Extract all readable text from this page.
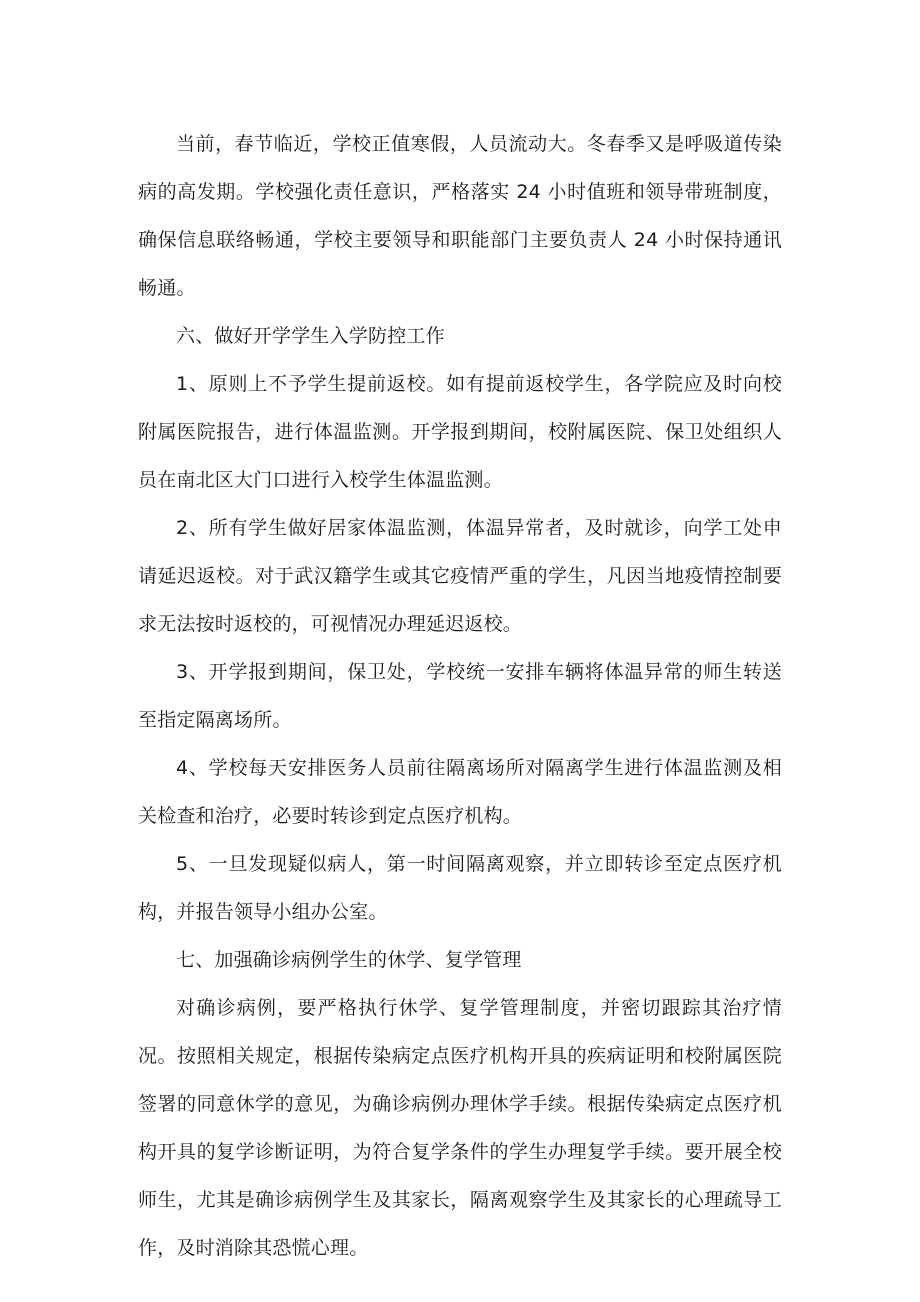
当前，春节临近，学校正值寒假，人员流动大。冬春季又是呼吸道传染病的高发期。学校强化责任意识，严格落实 24 小时值班和领导带班制度，确保信息联络畅通，学校主要领导和职能部门主要负责人 24 小时保持通讯畅通。

六、做好开学学生入学防控工作

1、原则上不予学生提前返校。如有提前返校学生，各学院应及时向校附属医院报告，进行体温监测。开学报到期间，校附属医院、保卫处组织人员在南北区大门口进行入校学生体温监测。

2、所有学生做好居家体温监测，体温异常者，及时就诊，向学工处申请延迟返校。对于武汉籍学生或其它疫情严重的学生，凡因当地疫情控制要求无法按时返校的，可视情况办理延迟返校。

3、开学报到期间，保卫处，学校统一安排车辆将体温异常的师生转送至指定隔离场所。

4、学校每天安排医务人员前往隔离场所对隔离学生进行体温监测及相关检查和治疗，必要时转诊到定点医疗机构。

5、一旦发现疑似病人，第一时间隔离观察，并立即转诊至定点医疗机构，并报告领导小组办公室。

七、加强确诊病例学生的休学、复学管理

对确诊病例，要严格执行休学、复学管理制度，并密切跟踪其治疗情况。按照相关规定，根据传染病定点医疗机构开具的疾病证明和校附属医院签署的同意休学的意见，为确诊病例办理休学手续。根据传染病定点医疗机构开具的复学诊断证明，为符合复学条件的学生办理复学手续。要开展全校师生，尤其是确诊病例学生及其家长，隔离观察学生及其家长的心理疏导工作，及时消除其恐慌心理。
